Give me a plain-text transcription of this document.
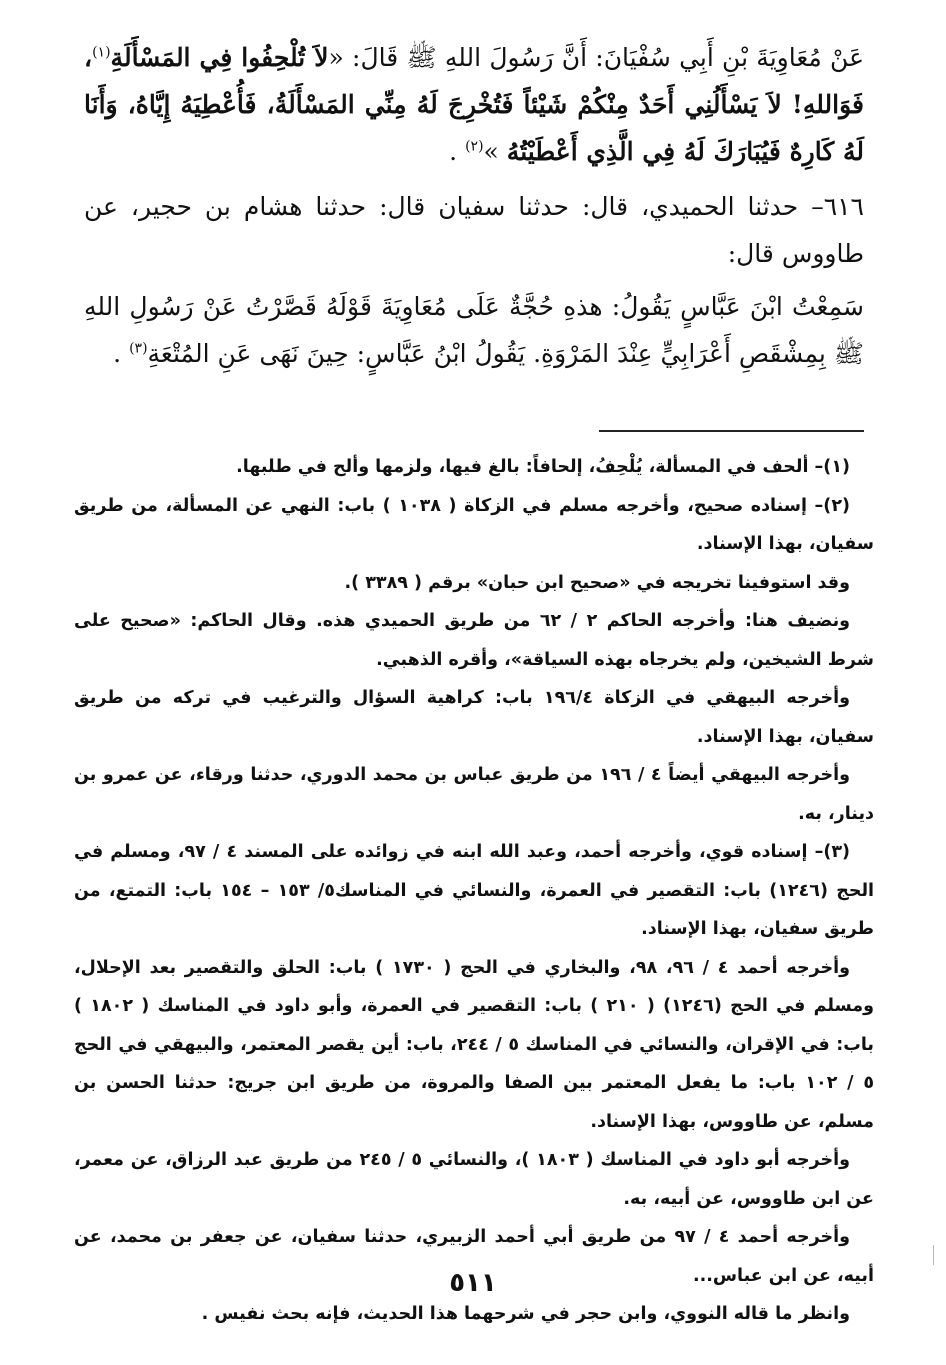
عَنْ مُعَاوِيَةَ بْنِ أَبِي سُفْيَانَ: أَنَّ رَسُولَ اللهِ ﷺ قَالَ: «لاَ تُلْحِفُوا فِي المَسْأَلَةِ$^{(١)}$، فَوَاللهِ! لاَ يَسْأَلُنِي أَحَدٌ مِنْكُمْ شَيْئاً فَتُخْرِجَ لَهُ مِنِّي المَسْأَلَةُ، فَأُعْطِيَهُ إِيَّاهُ، وَأَنَا لَهُ كَارِهٌ فَيُبَارَكَ لَهُ فِي الَّذِي أَعْطَيْتُهُ »$^{(٢)}$ .

٦١٦– حدثنا الحميدي، قال: حدثنا سفيان قال: حدثنا هشام بن حجير، عن طاووس قال:

سَمِعْتُ ابْنَ عَبَّاسٍ يَقُولُ: هذهِ حُجَّةٌ عَلَى مُعَاوِيَةَ قَوْلَهُ قَصَّرْتُ عَنْ رَسُولِ اللهِ ﷺ بِمِشْقَصِ أَعْرَابِيٍّ عِنْدَ المَرْوَةِ. يَقُولُ ابْنُ عَبَّاسٍ: حِينَ نَهَى عَنِ المُتْعَةِ$^{(٣)}$ .

(١)– ألحف في المسألة، يُلْحِفُ، إلحافاً: بالغ فيها، ولزمها وألح في طلبها.

(٢)– إسناده صحيح، وأخرجه مسلم في الزكاة ( ١٠٣٨ ) باب: النهي عن المسألة، من طريق سفيان، بهذا الإسناد.

وقد استوفينا تخريجه في «صحيح ابن حبان» برقم ( ٣٣٨٩ ).

ونضيف هنا: وأخرجه الحاكم ٢ / ٦٢ من طريق الحميدي هذه. وقال الحاكم: «صحيح على شرط الشيخين، ولم يخرجاه بهذه السياقة»، وأقره الذهبي.

وأخرجه البيهقي في الزكاة ١٩٦/٤ باب: كراهية السؤال والترغيب في تركه من طريق سفيان، بهذا الإسناد.

وأخرجه البيهقي أيضاً ٤ / ١٩٦ من طريق عباس بن محمد الدوري، حدثنا ورقاء، عن عمرو بن دينار، به.

(٣)– إسناده قوي، وأخرجه أحمد، وعبد الله ابنه في زوائده على المسند ٤ / ٩٧، ومسلم في الحج (١٢٤٦) باب: التقصير في العمرة، والنسائي في المناسك٥/ ١٥٣ – ١٥٤ باب: التمتع، من طريق سفيان، بهذا الإسناد.

وأخرجه أحمد ٤ / ٩٦، ٩٨، والبخاري في الحج ( ١٧٣٠ ) باب: الحلق والتقصير بعد الإحلال، ومسلم في الحج (١٢٤٦) ( ٢١٠ ) باب: التقصير في العمرة، وأبو داود في المناسك ( ١٨٠٢ ) باب: في الإقران، والنسائي في المناسك ٥ / ٢٤٤، باب: أين يقصر المعتمر، والبيهقي في الحج ٥ / ١٠٢ باب: ما يفعل المعتمر بين الصفا والمروة، من طريق ابن جريج: حدثنا الحسن بن مسلم، عن طاووس، بهذا الإسناد.

وأخرجه أبو داود في المناسك ( ١٨٠٣ )، والنسائي ٥ / ٢٤٥ من طريق عبد الرزاق، عن معمر، عن ابن طاووس، عن أبيه، به.

وأخرجه أحمد ٤ / ٩٧ من طريق أبي أحمد الزبيري، حدثنا سفيان، عن جعفر بن محمد، عن أبيه، عن ابن عباس...

وانظر ما قاله النووي، وابن حجر في شرحهما هذا الحديث، فإنه بحث نفيس .

٥١١
